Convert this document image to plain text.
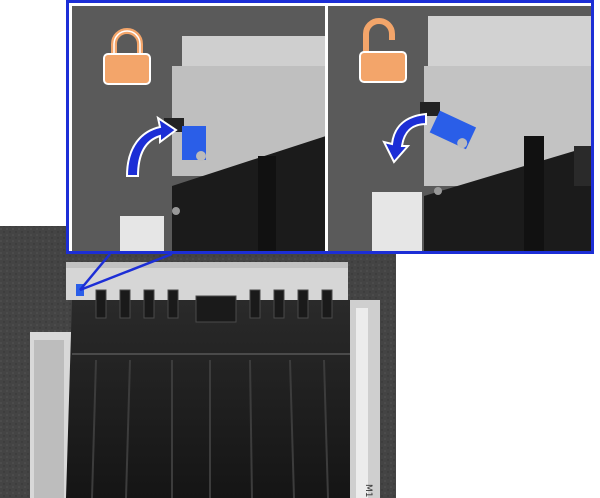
M1
